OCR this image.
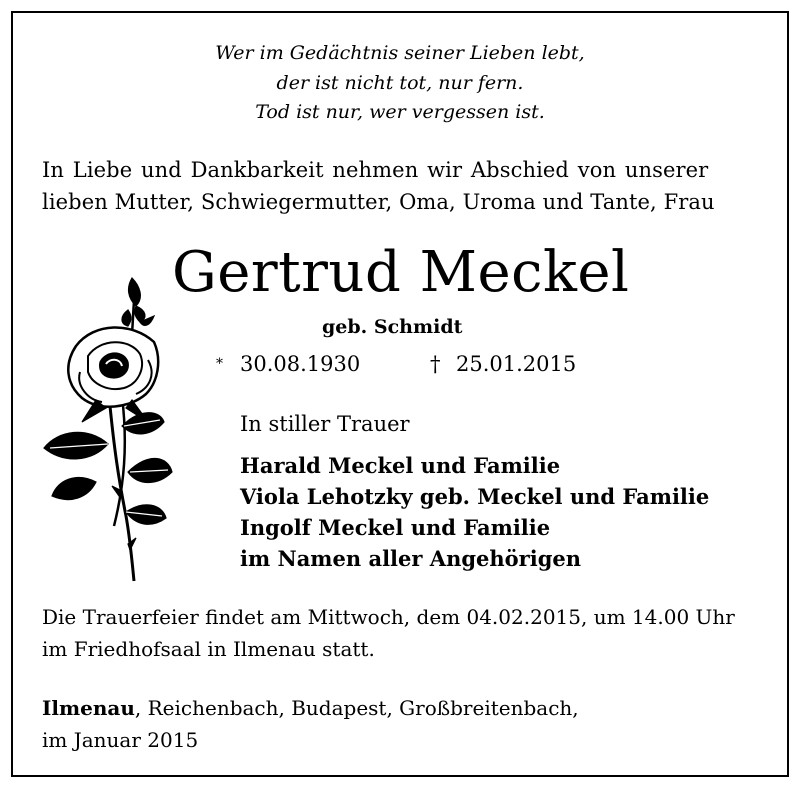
Wer im Gedächtnis seiner Lieben lebt,
der ist nicht tot, nur fern.
Tod ist nur, wer vergessen ist.
In Liebe und Dankbarkeit nehmen wir Abschied von unserer
lieben Mutter, Schwiegermutter, Oma, Uroma und Tante, Frau
Gertrud Meckel
geb. Schmidt
* 30.08.1930	† 25.01.2015
In stiller Trauer
Harald Meckel und Familie
Viola Lehotzky geb. Meckel und Familie
Ingolf Meckel und Familie
im Namen aller Angehörigen
Die Trauerfeier findet am Mittwoch, dem 04.02.2015, um 14.00 Uhr
im Friedhofsaal in Ilmenau statt.
Ilmenau, Reichenbach, Budapest, Großbreitenbach,
im Januar 2015
